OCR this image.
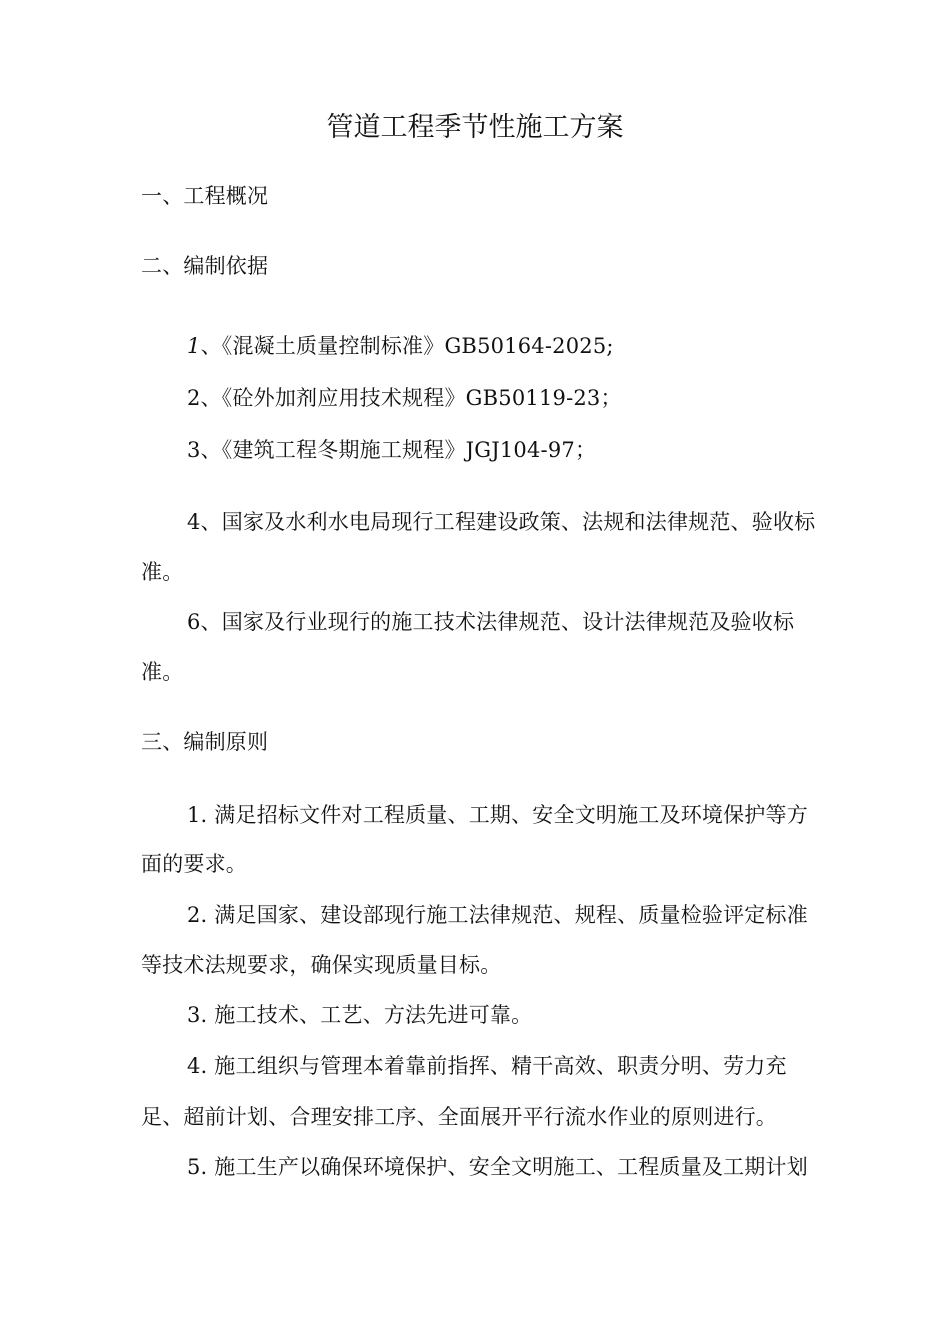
管道工程季节性施工方案
一、工程概况
二、编制依据
1、《混凝土质量控制标准》GB50164-2025;
2、《砼外加剂应用技术规程》GB50119-23；
3、《建筑工程冬期施工规程》JGJ104-97；
4、国家及水利水电局现行工程建设政策、法规和法律规范、验收标
准。
6、国家及行业现行的施工技术法律规范、设计法律规范及验收标
准。
三、编制原则
1. 满足招标文件对工程质量、工期、安全文明施工及环境保护等方
面的要求。
2. 满足国家、建设部现行施工法律规范、规程、质量检验评定标准
等技术法规要求，确保实现质量目标。
3. 施工技术、工艺、方法先进可靠。
4. 施工组织与管理本着靠前指挥、精干高效、职责分明、劳力充
足、超前计划、合理安排工序、全面展开平行流水作业的原则进行。
5. 施工生产以确保环境保护、安全文明施工、工程质量及工期计划
